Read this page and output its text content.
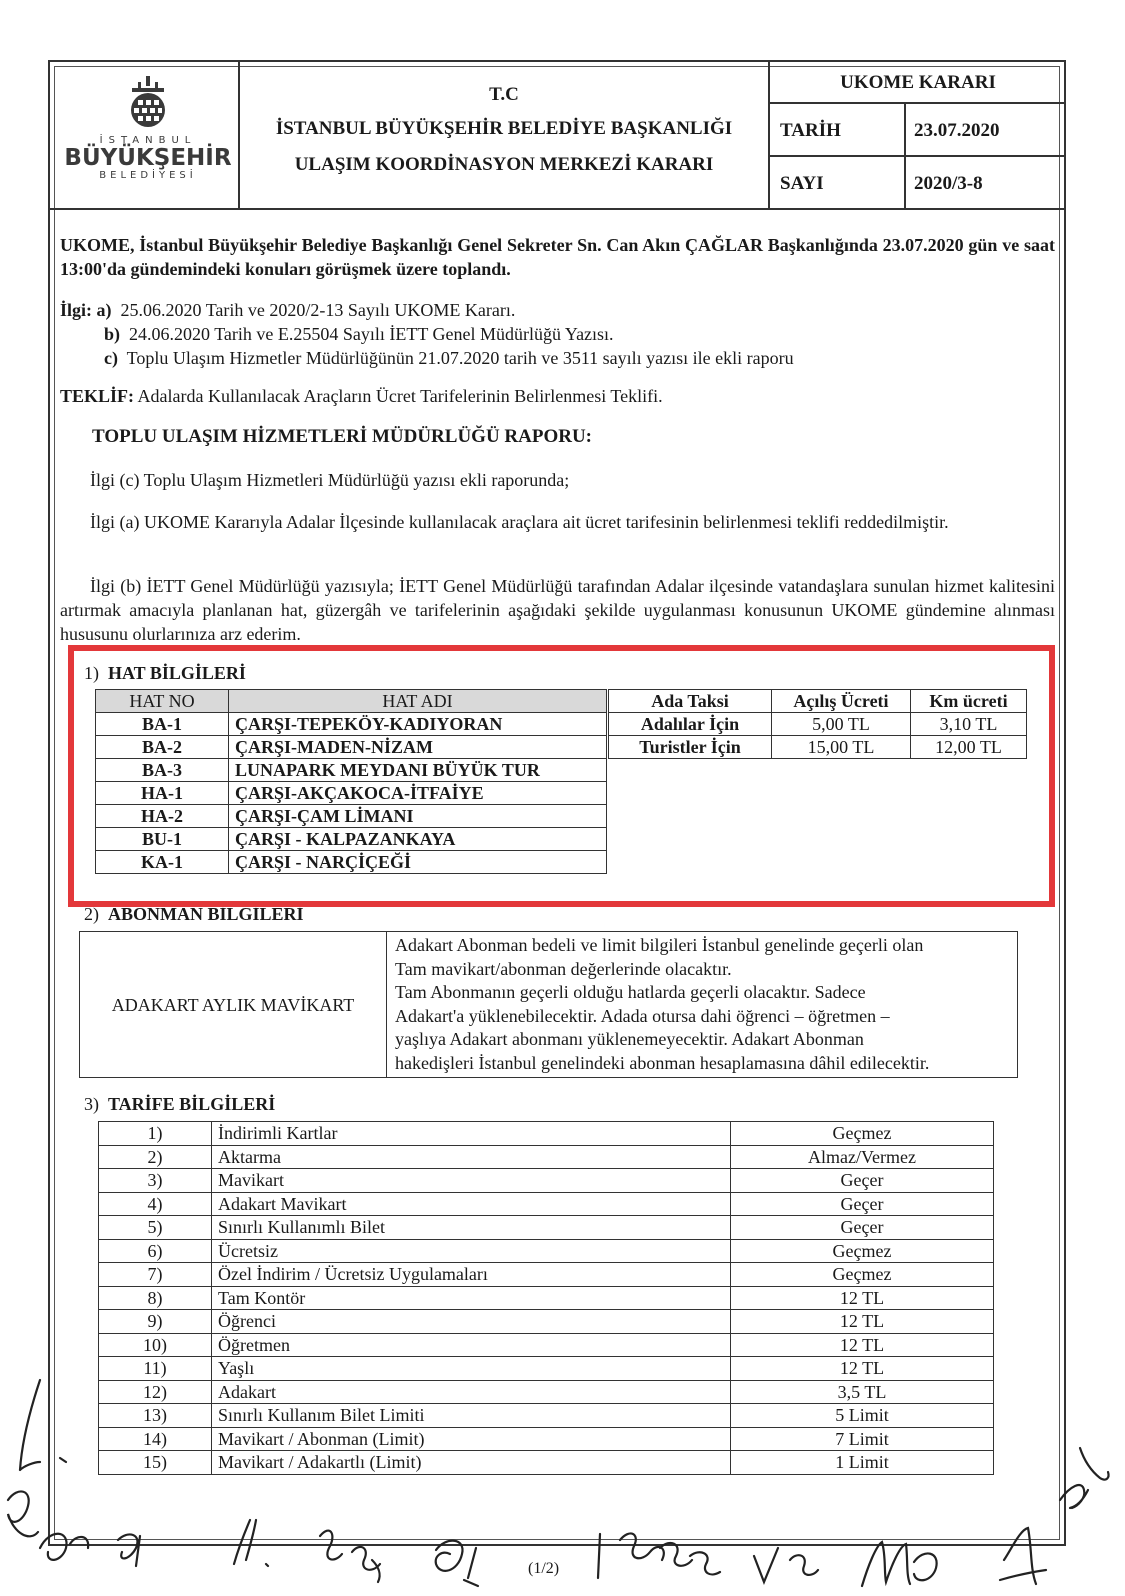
İSTANBUL
BÜYÜKŞEHİR
BELEDİYESİ
T.C
İSTANBUL BÜYÜKŞEHİR BELEDİYE BAŞKANLIĞI
ULAŞIM KOORDİNASYON MERKEZİ KARARI
UKOME KARARI
TARİH	23.07.2020
SAYI	2020/3-8
UKOME, İstanbul Büyükşehir Belediye Başkanlığı Genel Sekreter Sn. Can Akın ÇAĞLAR Başkanlığında 23.07.2020 gün ve saat 13:00'da gündemindeki konuları görüşmek üzere toplandı.
İlgi: a) 25.06.2020 Tarih ve 2020/2-13 Sayılı UKOME Kararı.
b) 24.06.2020 Tarih ve E.25504 Sayılı İETT Genel Müdürlüğü Yazısı.
c) Toplu Ulaşım Hizmetler Müdürlüğünün 21.07.2020 tarih ve 3511 sayılı yazısı ile ekli raporu
TEKLİF: Adalarda Kullanılacak Araçların Ücret Tarifelerinin Belirlenmesi Teklifi.
TOPLU ULAŞIM HİZMETLERİ MÜDÜRLÜĞÜ RAPORU:
İlgi (c) Toplu Ulaşım Hizmetleri Müdürlüğü yazısı ekli raporunda;
İlgi (a) UKOME Kararıyla Adalar İlçesinde kullanılacak araçlara ait ücret tarifesinin belirlenmesi teklifi reddedilmiştir.
İlgi (b) İETT Genel Müdürlüğü yazısıyla; İETT Genel Müdürlüğü tarafından Adalar ilçesinde vatandaşlara sunulan hizmet kalitesini artırmak amacıyla planlanan hat, güzergâh ve tarifelerinin aşağıdaki şekilde uygulanması konusunun UKOME gündemine alınması hususunu olurlarınıza arz ederim.
1) HAT BİLGİLERİ
HAT NO	HAT ADI
BA-1	ÇARŞI-TEPEKÖY-KADIYORAN
BA-2	ÇARŞI-MADEN-NİZAM
BA-3	LUNAPARK MEYDANI BÜYÜK TUR
HA-1	ÇARŞI-AKÇAKOCA-İTFAİYE
HA-2	ÇARŞI-ÇAM LİMANI
BU-1	ÇARŞI - KALPAZANKAYA
KA-1	ÇARŞI - NARÇİÇEĞİ
Ada Taksi	Açılış Ücreti	Km ücreti
Adalılar İçin	5,00 TL	3,10 TL
Turistler İçin	15,00 TL	12,00 TL
2) ABONMAN BİLGİLERİ
ADAKART AYLIK MAVİKART	
Adakart Abonman bedeli ve limit bilgileri İstanbul genelinde geçerli olan
Tam mavikart/abonman değerlerinde olacaktır.
Tam Abonmanın geçerli olduğu hatlarda geçerli olacaktır. Sadece
Adakart'a yüklenebilecektir. Adada otursa dahi öğrenci – öğretmen –
yaşlıya Adakart abonmanı yüklenemeyecektir. Adakart Abonman
hakedişleri İstanbul genelindeki abonman hesaplamasına dâhil edilecektir.
3) TARİFE BİLGİLERİ
1)	İndirimli Kartlar	Geçmez
2)	Aktarma	Almaz/Vermez
3)	Mavikart	Geçer
4)	Adakart Mavikart	Geçer
5)	Sınırlı Kullanımlı Bilet	Geçer
6)	Ücretsiz	Geçmez
7)	Özel İndirim / Ücretsiz Uygulamaları	Geçmez
8)	Tam Kontör	12 TL
9)	Öğrenci	12 TL
10)	Öğretmen	12 TL
11)	Yaşlı	12 TL
12)	Adakart	3,5 TL
13)	Sınırlı Kullanım Bilet Limiti	5 Limit
14)	Mavikart / Abonman (Limit)	7 Limit
15)	Mavikart / Adakartlı (Limit)	1 Limit
(1/2)
